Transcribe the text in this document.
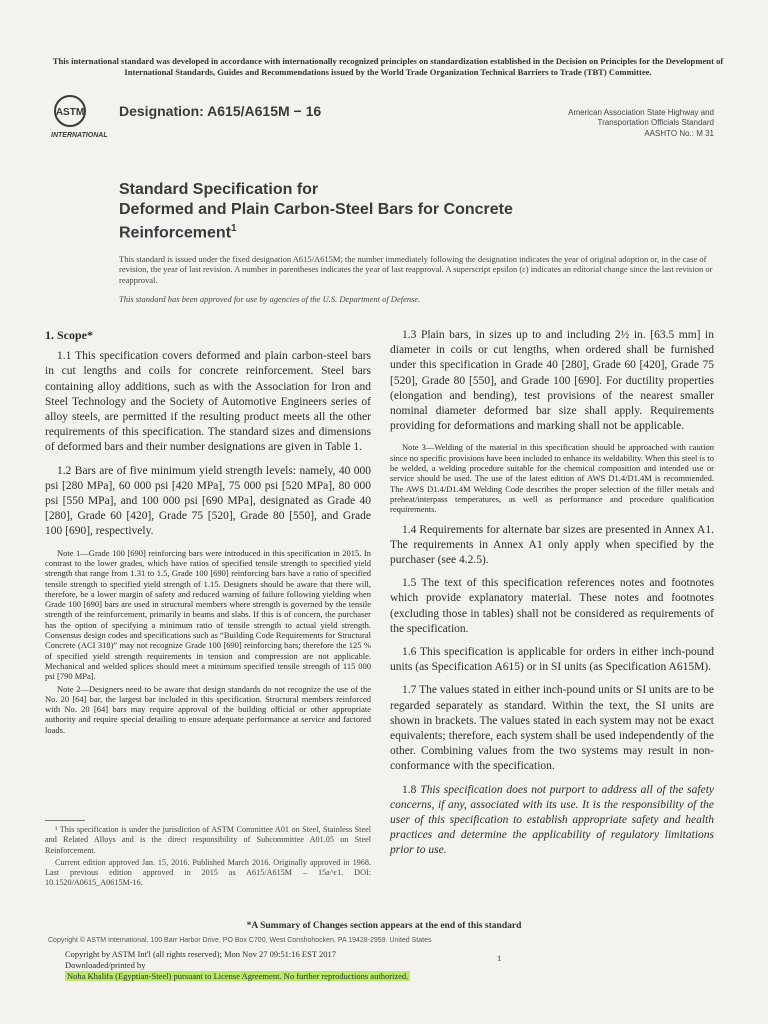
This international standard was developed in accordance with internationally recognized principles on standardization established in the Decision on Principles for the Development of International Standards, Guides and Recommendations issued by the World Trade Organization Technical Barriers to Trade (TBT) Committee.
ASTM
INTERNATIONAL
Designation: A615/A615M − 16	American Association State Highway and
Transportation Officials Standard
AASHTO No.: M 31
Standard Specification for
Deformed and Plain Carbon-Steel Bars for Concrete
Reinforcement$^1$
This standard is issued under the fixed designation A615/A615M; the number immediately following the designation indicates the year of original adoption or, in the case of revision, the year of last revision. A number in parentheses indicates the year of last reapproval. A superscript epsilon (ε) indicates an editorial change since the last revision or reapproval.
This standard has been approved for use by agencies of the U.S. Department of Defense.
1. Scope*

1.1 This specification covers deformed and plain carbon-steel bars in cut lengths and coils for concrete reinforcement. Steel bars containing alloy additions, such as with the Association for Iron and Steel Technology and the Society of Automotive Engineers series of alloy steels, are permitted if the resulting product meets all the other requirements of this specification. The standard sizes and dimensions of deformed bars and their number designations are given in Table 1.

1.2 Bars are of five minimum yield strength levels: namely, 40 000 psi [280 MPa], 60 000 psi [420 MPa], 75 000 psi [520 MPa], 80 000 psi [550 MPa], and 100 000 psi [690 MPa], designated as Grade 40 [280], Grade 60 [420], Grade 75 [520], Grade 80 [550], and Grade 100 [690], respectively.

Note 1—Grade 100 [690] reinforcing bars were introduced in this specification in 2015. In contrast to the lower grades, which have ratios of specified tensile strength to specified yield strength that range from 1.31 to 1.5, Grade 100 [690] reinforcing bars have a ratio of specified tensile strength to specified yield strength of 1.15. Designers should be aware that there will, therefore, be a lower margin of safety and reduced warning of failure following yielding when Grade 100 [690] bars are used in structural members where strength is governed by the tensile strength of the reinforcement, primarily in beams and slabs. If this is of concern, the purchaser has the option of specifying a minimum ratio of tensile strength to actual yield strength. Consensus design codes and specifications such as “Building Code Requirements for Structural Concrete (ACI 318)” may not recognize Grade 100 [690] reinforcing bars; therefore the 125 % of specified yield strength requirements in tension and compression are not applicable. Mechanical and welded splices should meet a minimum specified tensile strength of 115 000 psi [790 MPa].

Note 2—Designers need to be aware that design standards do not recognize the use of the No. 20 [64] bar, the largest bar included in this specification. Structural members reinforced with No. 20 [64] bars may require approval of the building official or other appropriate authority and require special detailing to ensure adequate performance at service and factored loads.

1.3 Plain bars, in sizes up to and including 2½ in. [63.5 mm] in diameter in coils or cut lengths, when ordered shall be furnished under this specification in Grade 40 [280], Grade 60 [420], Grade 75 [520], Grade 80 [550], and Grade 100 [690]. For ductility properties (elongation and bending), test provisions of the nearest smaller nominal diameter deformed bar size shall apply. Requirements providing for deformations and marking shall not be applicable.

Note 3—Welding of the material in this specification should be approached with caution since no specific provisions have been included to enhance its weldability. When this steel is to be welded, a welding procedure suitable for the chemical composition and intended use or service should be used. The use of the latest edition of AWS D1.4/D1.4M is recommended. The AWS D1.4/D1.4M Welding Code describes the proper selection of the filler metals and preheat/interpass temperatures, as well as performance and procedure qualification requirements.

1.4 Requirements for alternate bar sizes are presented in Annex A1. The requirements in Annex A1 only apply when specified by the purchaser (see 4.2.5).

1.5 The text of this specification references notes and footnotes which provide explanatory material. These notes and footnotes (excluding those in tables) shall not be considered as requirements of the specification.

1.6 This specification is applicable for orders in either inch-pound units (as Specification A615) or in SI units (as Specification A615M).

1.7 The values stated in either inch-pound units or SI units are to be regarded separately as standard. Within the text, the SI units are shown in brackets. The values stated in each system may not be exact equivalents; therefore, each system shall be used independently of the other. Combining values from the two systems may result in non-conformance with the specification.

1.8 This specification does not purport to address all of the safety concerns, if any, associated with its use. It is the responsibility of the user of this specification to establish appropriate safety and health practices and determine the applicability of regulatory limitations prior to use.

¹ This specification is under the jurisdiction of ASTM Committee A01 on Steel, Stainless Steel and Related Alloys and is the direct responsibility of Subcommittee A01.05 on Steel Reinforcement.

Current edition approved Jan. 15, 2016. Published March 2016. Originally approved in 1968. Last previous edition approved in 2015 as A615/A615M – 15a^ε1. DOI: 10.1520/A0615_A0615M-16.

*A Summary of Changes section appears at the end of this standard
Copyright © ASTM International, 100 Barr Harbor Drive, PO Box C700, West Conshohocken, PA 19428-2959. United States
Copyright by ASTM Int'l (all rights reserved); Mon Nov 27 09:51:16 EST 2017
Downloaded/printed by
Noha Khalifa (Egyptian-Steel) pursuant to License Agreement. No further reproductions authorized.
1
